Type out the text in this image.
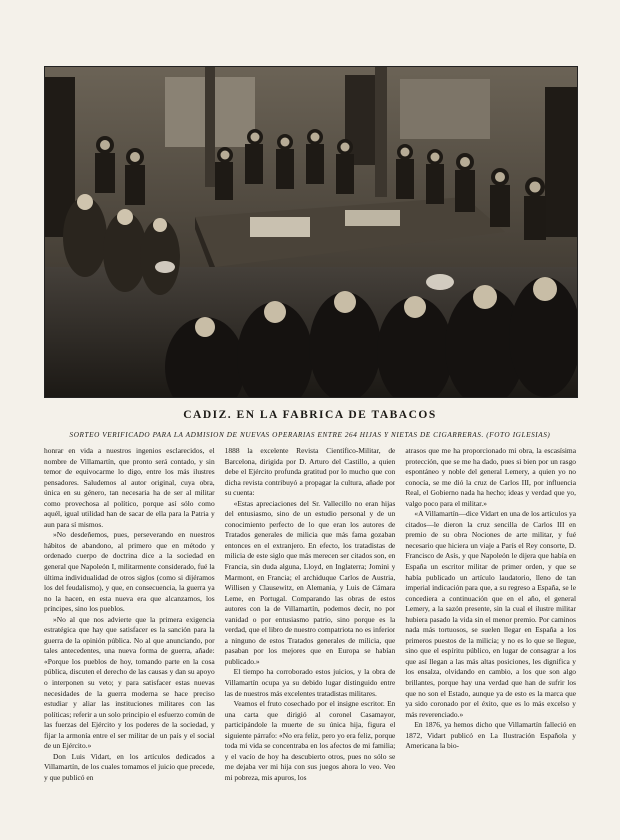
CADIZ. EN LA FABRICA DE TABACOS
SORTEO VERIFICADO PARA LA ADMISION DE NUEVAS OPERARIAS ENTRE 264 HIJAS Y NIETAS DE CIGARRERAS. (FOTO IGLESIAS)

honrar en vida a nuestros ingenios esclarecidos, el nombre de Villamartín, que pronto será contado, y sin temor de equivocarme lo digo, entre los más ilustres pensadores. Saludemos al autor original, cuya obra, única en su género, tan necesaria ha de ser al militar como provechosa al político, porque así sólo como aquél, igual utilidad han de sacar de ella para la Patria y aun para sí mismos.

»No desdeñemos, pues, perseverando en nuestros hábitos de abandono, al primero que en método y ordenado cuerpo de doctrina dice a la sociedad en general que Napoleón I, militarmente considerado, fué la última individualidad de otros siglos (como si dijéramos los del feudalismo), y que, en consecuencia, la guerra ya no la hacen, en esta nueva era que alcanzamos, los príncipes, sino los pueblos.

»No al que nos advierte que la primera exigencia estratégica que hay que satisfacer es la sanción para la guerra de la opinión pública. No al que anunciando, por tales antecedentes, una nueva forma de guerra, añade: «Porque los pueblos de hoy, tomando parte en la cosa pública, discuten el derecho de las causas y dan su apoyo o interponen su veto; y para satisfacer estas nuevas necesidades de la guerra moderna se hace preciso estudiar y aliar las instituciones militares con las políticas; referir a un solo principio el esfuerzo común de las fuerzas del Ejército y los poderes de la sociedad, y fijar la armonía entre el ser militar de un país y el social de un Ejército.»

Don Luis Vidart, en los artículos dedicados a Villamartín, de los cuales tomamos el juicio que precede, y que publicó en

1888 la excelente Revista Científico-Militar, de Barcelona, dirigida por D. Arturo del Castillo, a quien debe el Ejército profunda gratitud por lo mucho que con dicha revista contribuyó a propagar la cultura, añade por su cuenta:

«Estas apreciaciones del Sr. Vallecillo no eran hijas del entusiasmo, sino de un estudio personal y de un conocimiento perfecto de lo que eran los autores de Tratados generales de milicia que más fama gozaban entonces en el extranjero. En efecto, los tratadistas de milicia de este siglo que más merecen ser citados son, en Francia, sin duda alguna, Lloyd, en Inglaterra; Jomini y Marmont, en Francia; el archiduque Carlos de Austria, Willisen y Clausewitz, en Alemania, y Luis de Cámara Leme, en Portugal. Comparando las obras de estos autores con la de Villamartín, podemos decir, no por vanidad o por entusiasmo patrio, sino porque es la verdad, que el libro de nuestro compatriota no es inferior a ninguno de estos Tratados generales de milicia, que pasaban por los mejores que en Europa se habían publicado.»

El tiempo ha corroborado estos juicios, y la obra de Villamartín ocupa ya su debido lugar distinguido entre las de nuestros más excelentes tratadistas militares.

Veamos el fruto cosechado por el insigne escritor. En una carta que dirigió al coronel Casamayor, participándole la muerte de su única hija, figura el siguiente párrafo: «No era feliz, pero yo era feliz, porque toda mi vida se concentraba en los afectos de mi familia; y el vacío de hoy ha descubierto otros, pues no sólo se me dejaba ver mi hija con sus juegos ahora lo veo. Veo mi pobreza, mis apuros, los

atrasos que me ha proporcionado mi obra, la escasísima protección, que se me ha dado, pues si bien por un rasgo espontáneo y noble del general Lemery, a quien yo no conocía, se me dió la cruz de Carlos III, por influencia Real, el Gobierno nada ha hecho; ideas y verdad que yo, valgo poco para el militar.»

«A Villamartín—dice Vidart en una de los artículos ya citados—le dieron la cruz sencilla de Carlos III en premio de su obra Nociones de arte militar, y fué necesario que hiciera un viaje a París el Rey consorte, D. Francisco de Asís, y que Napoleón le dijera que había en España un escritor militar de primer orden, y que se había publicado un artículo laudatorio, lleno de tan imperial indicación para que, a su regreso a España, se le concediera a continuación que en el año, el general Lemery, a la sazón presente, sin la cual el ilustre militar hubiera pasado la vida sin el menor premio. Por caminos nada más tortuosos, se suelen llegar en España a los primeros puestos de la milicia; y no es lo que se llegue, sino que el espíritu público, en lugar de consagrar a los que así llegan a las más altas posiciones, les dignifica y los ensalza, olvidando en cambio, a los que son algo brillantes, porque hay una verdad que han de sufrir los que no son el Estado, aunque ya de esto es la marca que ya sido coronado por el éxito, que es lo más excelso y más reverenciado.»

En 1876, ya hemos dicho que Villamartín falleció en 1872, Vidart publicó en La Ilustración Española y Americana la bio-
